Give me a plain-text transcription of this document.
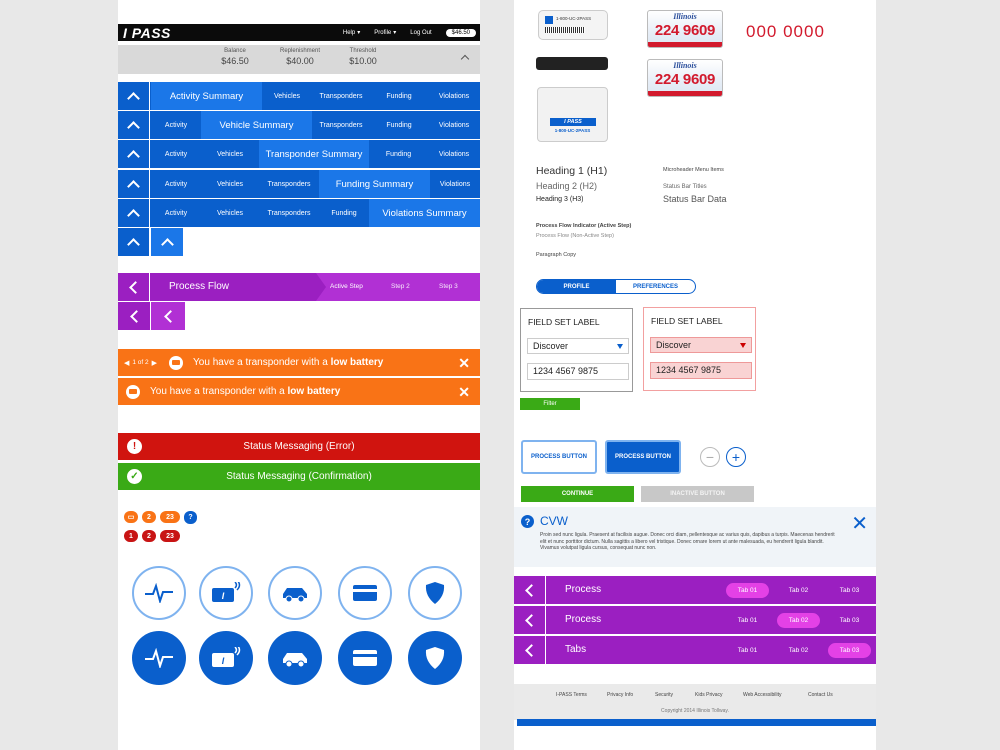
I PASS	Help ▾ Profile ▾ Log Out	$46.50
Balance
$46.50
Replenishment
$40.00
Threshold
$10.00
Activity Summary	Vehicles	Transponders	Funding	Violations
Activity	Vehicle Summary	Transponders	Funding	Violations
Activity	Vehicles	Transponder Summary	Funding	Violations
Activity	Vehicles	Transponders	Funding Summary	Violations
Activity	Vehicles	Transponders	Funding	Violations Summary
Process Flow	Active Step	Step 2	Step 3
◀ 1 of 2 ▶	You have a transponder with a low battery	✕
You have a transponder with a low battery	✕
!	Status Messaging (Error)
✓	Status Messaging (Confirmation)
▭	2	23	?
1	2	23
I
I
1-800-UC-2PASS
I PASS
1-800-UC-2PASS
Illinois
224 9609
Illinois
224 9609
000 0000
Heading 1 (H1)
Heading 2 (H2)
Heading 3 (H3)
Microheader Menu Items
Status Bar Titles
Status Bar Data
Process Flow Indicator (Active Step)
Process Flow (Non-Active Step)
Paragraph Copy
PROFILE	PREFERENCES
FIELD SET LABEL
Discover
1234 4567 9875
FIELD SET LABEL
Discover
1234 4567 9875
Filter
PROCESS BUTTON	PROCESS BUTTON	−	+
CONTINUE	INACTIVE BUTTON
? CVW
Proin sed nunc ligula. Praesent at facilisis augue. Donec orci diam, pellentesque ac varius quis, dapibus a turpis. Maecenas hendrerit elit et nunc porttitor dictum. Nulla sagittis a libero vel tristique. Donec ornare lorem ut ante malesuada, eu hendrerit ligula blandit. Vivamus volutpat ligula cursus, consequat nunc non.
✕
Process	Tab 01	Tab 02	Tab 03
Process	Tab 01	Tab 02	Tab 03
Tabs	Tab 01	Tab 02	Tab 03
I-PASS Terms	Privacy Info	Security	Kids Privacy	Web Accessibility	Contact Us
Copyright 2014 Illinois Tollway.
